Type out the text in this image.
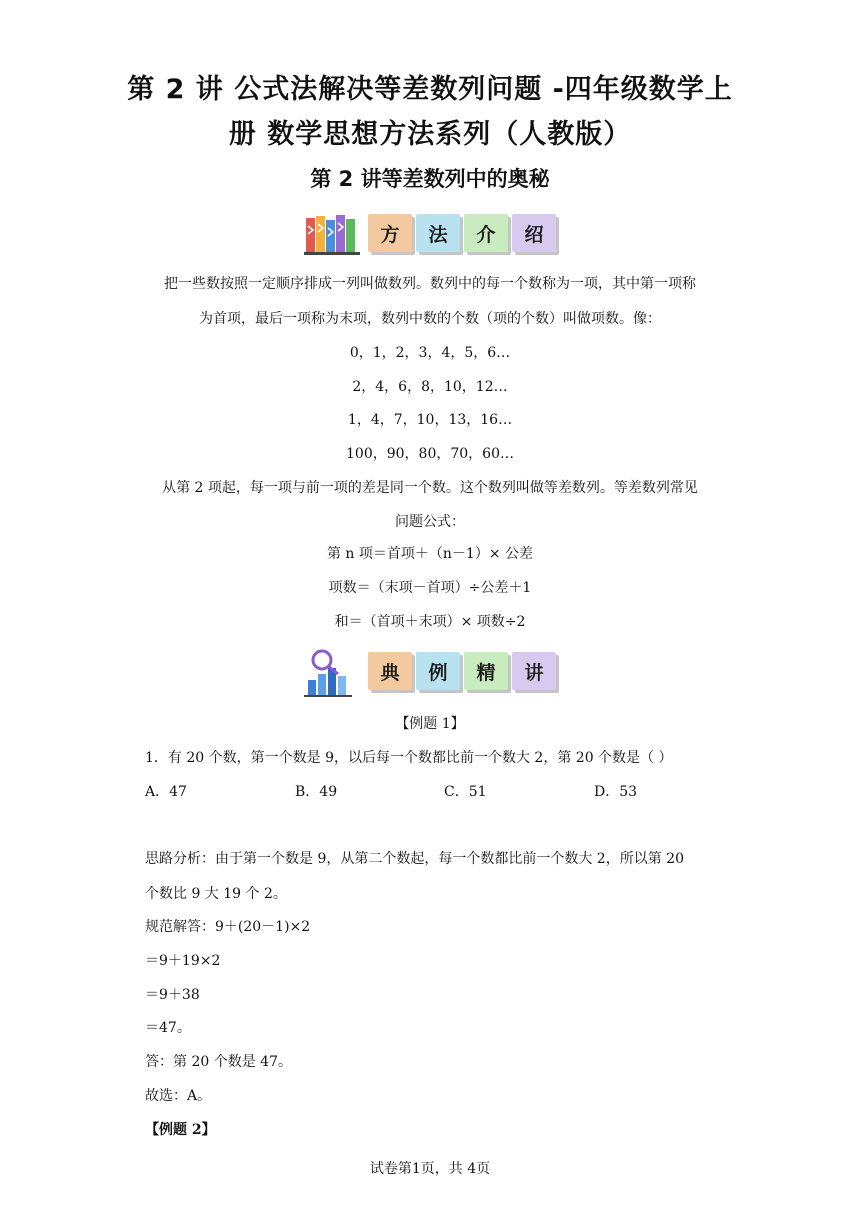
第 2 讲 公式法解决等差数列问题 -四年级数学上
册 数学思想方法系列（人教版）
第 2 讲等差数列中的奥秘
方	法	介	绍
把一些数按照一定顺序排成一列叫做数列。数列中的每一个数称为一项，其中第一项称
为首项，最后一项称为末项，数列中数的个数（项的个数）叫做项数。像：
0，1，2，3，4，5，6…
2，4，6，8，10，12…
1，4，7，10，13，16…
100，90，80，70，60…
从第 2 项起，每一项与前一项的差是同一个数。这个数列叫做等差数列。等差数列常见
问题公式：
第 n 项＝首项＋（n－1）× 公差
项数＝（末项－首项）÷公差＋1
和＝（首项＋末项）× 项数÷2
典	例	精	讲
【例题 1】
1．有 20 个数，第一个数是 9，以后每一个数都比前一个数大 2，第 20 个数是（ ）
A．47	B．49	C．51	D．53
思路分析：由于第一个数是 9，从第二个数起，每一个数都比前一个数大 2，所以第 20
个数比 9 大 19 个 2。
规范解答：9＋(20－1)×2
＝9＋19×2
＝9＋38
＝47。
答：第 20 个数是 47。
故选：A。
【例题 2】
试卷第1页，共 4页
